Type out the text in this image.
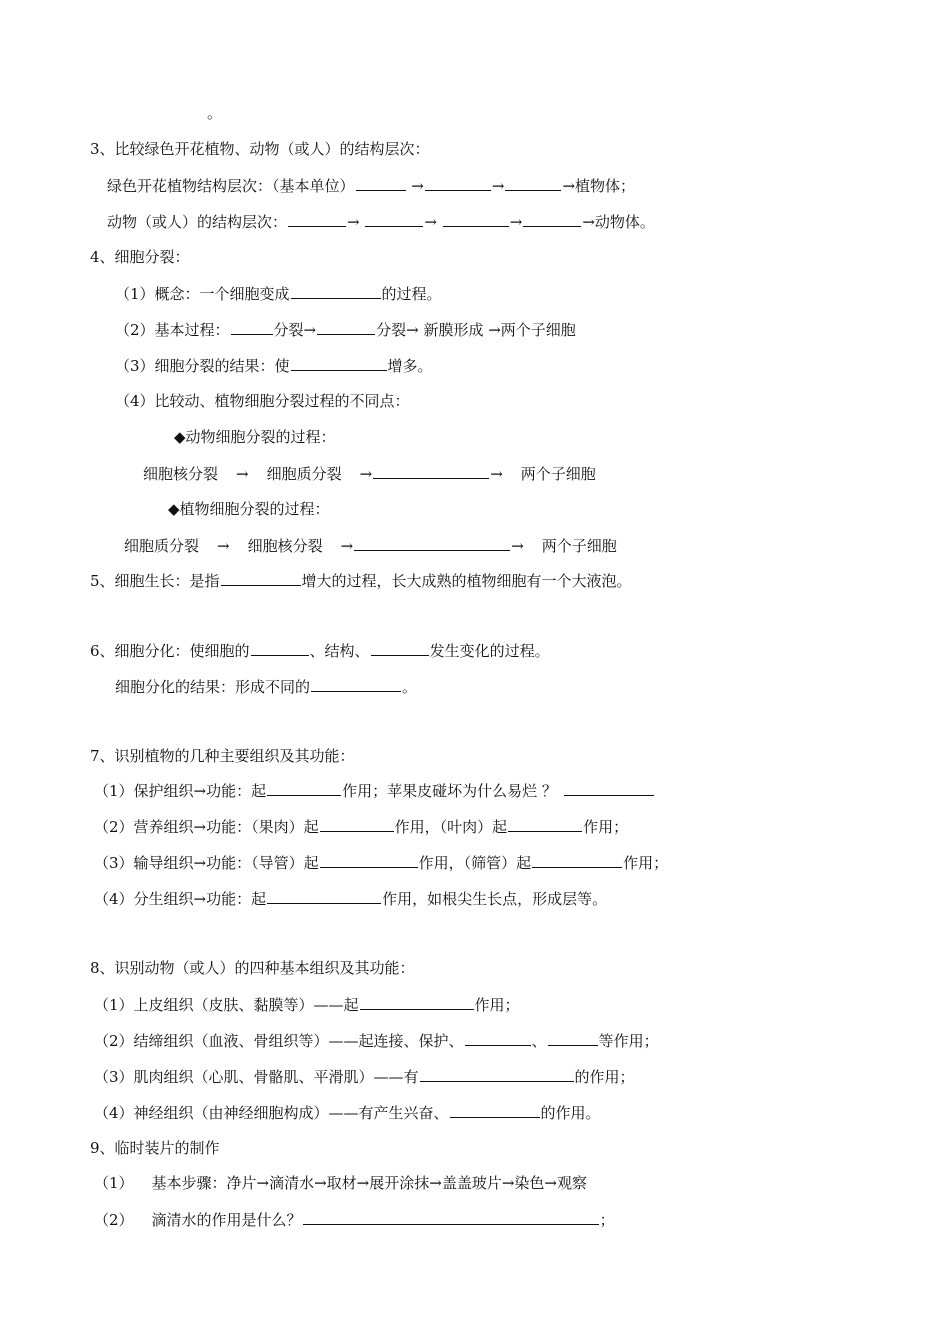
。
3、比较绿色开花植物、动物（或人）的结构层次：
绿色开花植物结构层次：（基本单位）	→	→	→植物体；
动物（或人）的结构层次：	→	→	→	→动物体。
4、细胞分裂：
（1）概念：一个细胞变成	的过程。
（2）基本过程：	分裂→	分裂→ 新膜形成 →两个子细胞
（3）细胞分裂的结果：使	增多。
（4）比较动、植物细胞分裂过程的不同点：
◆动物细胞分裂的过程：
细胞核分裂 → 细胞质分裂 →	→ 两个子细胞
◆植物细胞分裂的过程：
细胞质分裂 → 细胞核分裂 →	→ 两个子细胞
5、细胞生长：是指	增大的过程，长大成熟的植物细胞有一个大液泡。
6、细胞分化：使细胞的	、结构、	发生变化的过程。
细胞分化的结果：形成不同的	。
7、识别植物的几种主要组织及其功能：
（1）保护组织→功能：起	作用；苹果皮碰坏为什么易烂 ？
（2）营养组织→功能：（果肉）起	作用，（叶肉）起	作用；
（3）输导组织→功能：（导管）起	作用，（筛管）起	作用；
（4）分生组织→功能：起	作用，如根尖生长点，形成层等。
8、识别动物（或人）的四种基本组织及其功能：
（1）上皮组织（皮肤、黏膜等）——起	作用；
（2）结缔组织（血液、骨组织等）——起连接、保护、	、	等作用；
（3）肌肉组织（心肌、骨骼肌、平滑肌）——有	的作用；
（4）神经组织（由神经细胞构成）——有产生兴奋、	的作用。
9、临时装片的制作
（1） 基本步骤：净片→滴清水→取材→展开涂抹→盖盖玻片→染色→观察
（2） 滴清水的作用是什么？	；
